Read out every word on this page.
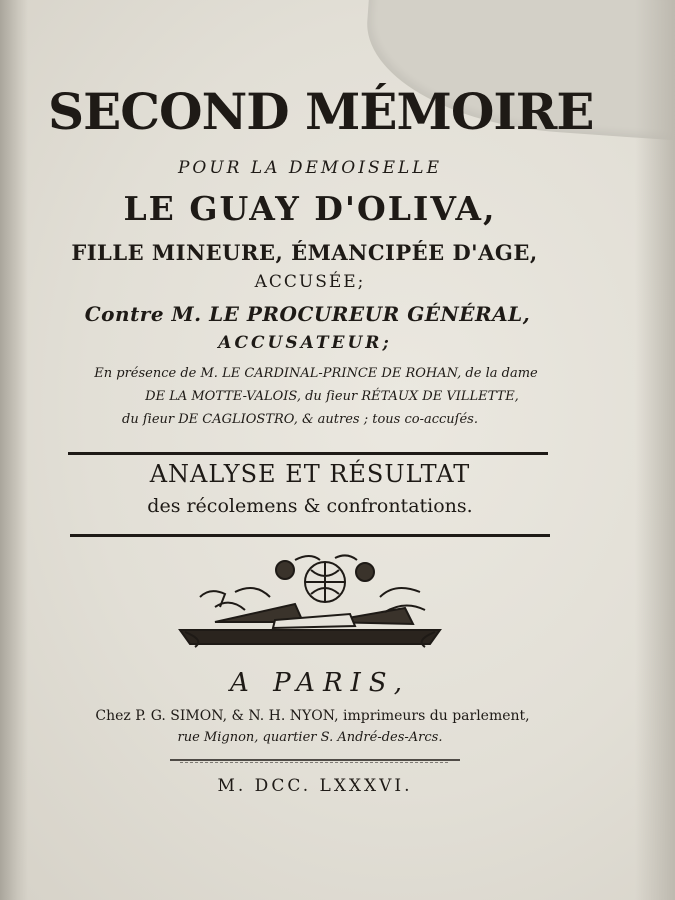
SECOND MÉMOIRE
POUR LA DEMOISELLE
LE GUAY D'OLIVA,
FILLE MINEURE, ÉMANCIPÉE D'AGE,
ACCUSÉE;
Contre M. LE PROCUREUR GÉNÉRAL,
ACCUSATEUR;
En présence de M. LE CARDINAL-PRINCE DE ROHAN, de la dame
DE LA MOTTE-VALOIS, du ſieur RÉTAUX DE VILLETTE,
du ſieur DE CAGLIOSTRO, & autres ; tous co-accuſés.
ANALYSE ET RÉSULTAT
des récolemens & confrontations.
A PARIS,
Chez P. G. SIMON, & N. H. NYON, imprimeurs du parlement,
rue Mignon, quartier S. André-des-Arcs.
M. DCC. LXXXVI.
